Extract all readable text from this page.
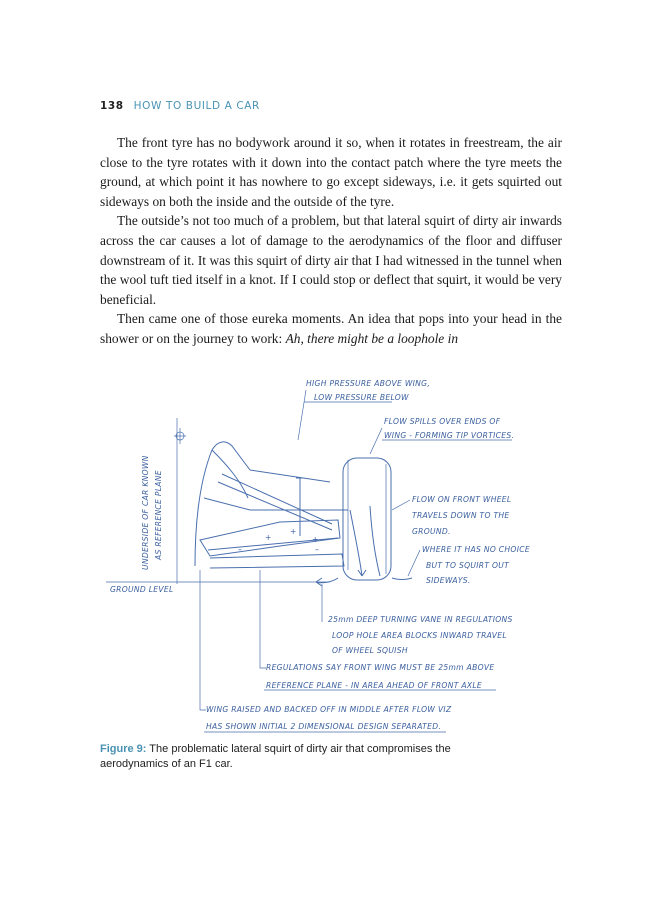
138 HOW TO BUILD A CAR

The front tyre has no bodywork around it so, when it rotates in freestream, the air close to the tyre rotates with it down into the contact patch where the tyre meets the ground, at which point it has nowhere to go except sideways, i.e. it gets squirted out sideways on both the inside and the outside of the tyre.

The outside’s not too much of a problem, but that lateral squirt of dirty air inwards across the car causes a lot of damage to the aerodynamics of the floor and diffuser downstream of it. It was this squirt of dirty air that I had witnessed in the tunnel when the wool tuft tied itself in a knot. If I could stop or deflect that squirt, it would be very beneficial.

Then came one of those eureka moments. An idea that pops into your head in the shower or on the journey to work: Ah, there might be a loophole in

+
+
+
–	–
UNDERSIDE OF CAR KNOWN AS REFERENCE PLANE
GROUND LEVEL
HIGH PRESSURE ABOVE WING,
LOW PRESSURE BELOW
FLOW SPILLS OVER ENDS OF
WING - FORMING TIP VORTICES.
FLOW ON FRONT WHEEL
TRAVELS DOWN TO THE
GROUND.
WHERE IT HAS NO CHOICE
BUT TO SQUIRT OUT
SIDEWAYS.
25mm DEEP TURNING VANE IN REGULATIONS
LOOP HOLE AREA BLOCKS INWARD TRAVEL
OF WHEEL SQUISH
REGULATIONS SAY FRONT WING MUST BE 25mm ABOVE
REFERENCE PLANE - IN AREA AHEAD OF FRONT AXLE
WING RAISED AND BACKED OFF IN MIDDLE AFTER FLOW VIZ
HAS SHOWN INITIAL 2 DIMENSIONAL DESIGN SEPARATED.
Figure 9: The problematic lateral squirt of dirty air that compromises the aerodynamics of an F1 car.
